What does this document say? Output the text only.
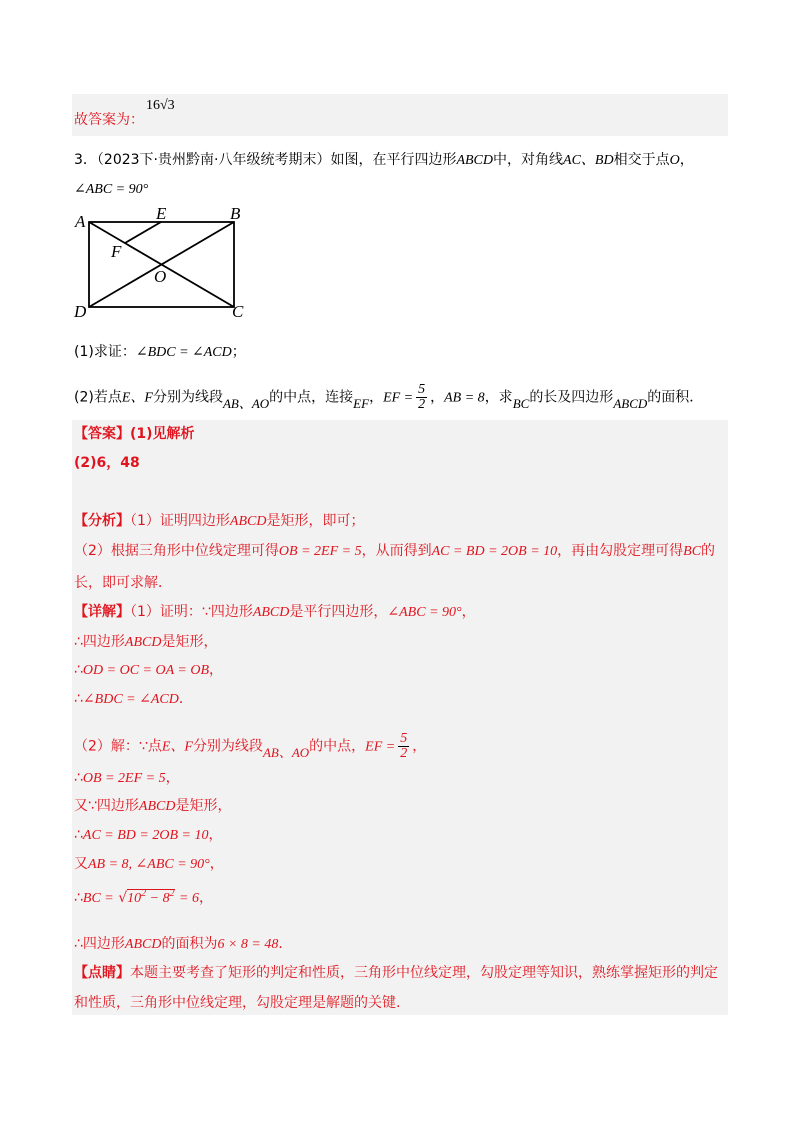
故答案为：
16√3
3．（2023下·贵州黔南·八年级统考期末）如图，在平行四边形ABCD中，对角线AC、BD相交于点O，
∠ABC = 90°
A	E	B
F
O
D	C
(1)求证：∠BDC = ∠ACD；
(2)若点E、F分别为线段AB、AO的中点，连接EF，EF = $\frac{5}{2}$ ，AB = 8，求BC的长及四边形ABCD的面积．
【答案】(1)见解析
(2)6，48
【分析】（1）证明四边形ABCD是矩形，即可；
（2）根据三角形中位线定理可得OB = 2EF = 5，从而得到AC = BD = 2OB = 10，再由勾股定理可得BC的
长，即可求解．
【详解】（1）证明：∵四边形ABCD是平行四边形，∠ABC = 90°，
∴四边形ABCD是矩形，
∴OD = OC = OA = OB，
∴∠BDC = ∠ACD．
（2）解：∵点E、F分别为线段AB、AO的中点，EF = $\frac{5}{2}$ ，
∴OB = 2EF = 5，
又∵四边形ABCD是矩形，
∴AC = BD = 2OB = 10，
又AB = 8, ∠ABC = 90°，
∴BC = $√10^2 - 8^2 = 6$，
∴四边形ABCD的面积为6 × 8 = 48．
【点睛】本题主要考查了矩形的判定和性质，三角形中位线定理，勾股定理等知识，熟练掌握矩形的判定
和性质，三角形中位线定理，勾股定理是解题的关键.
